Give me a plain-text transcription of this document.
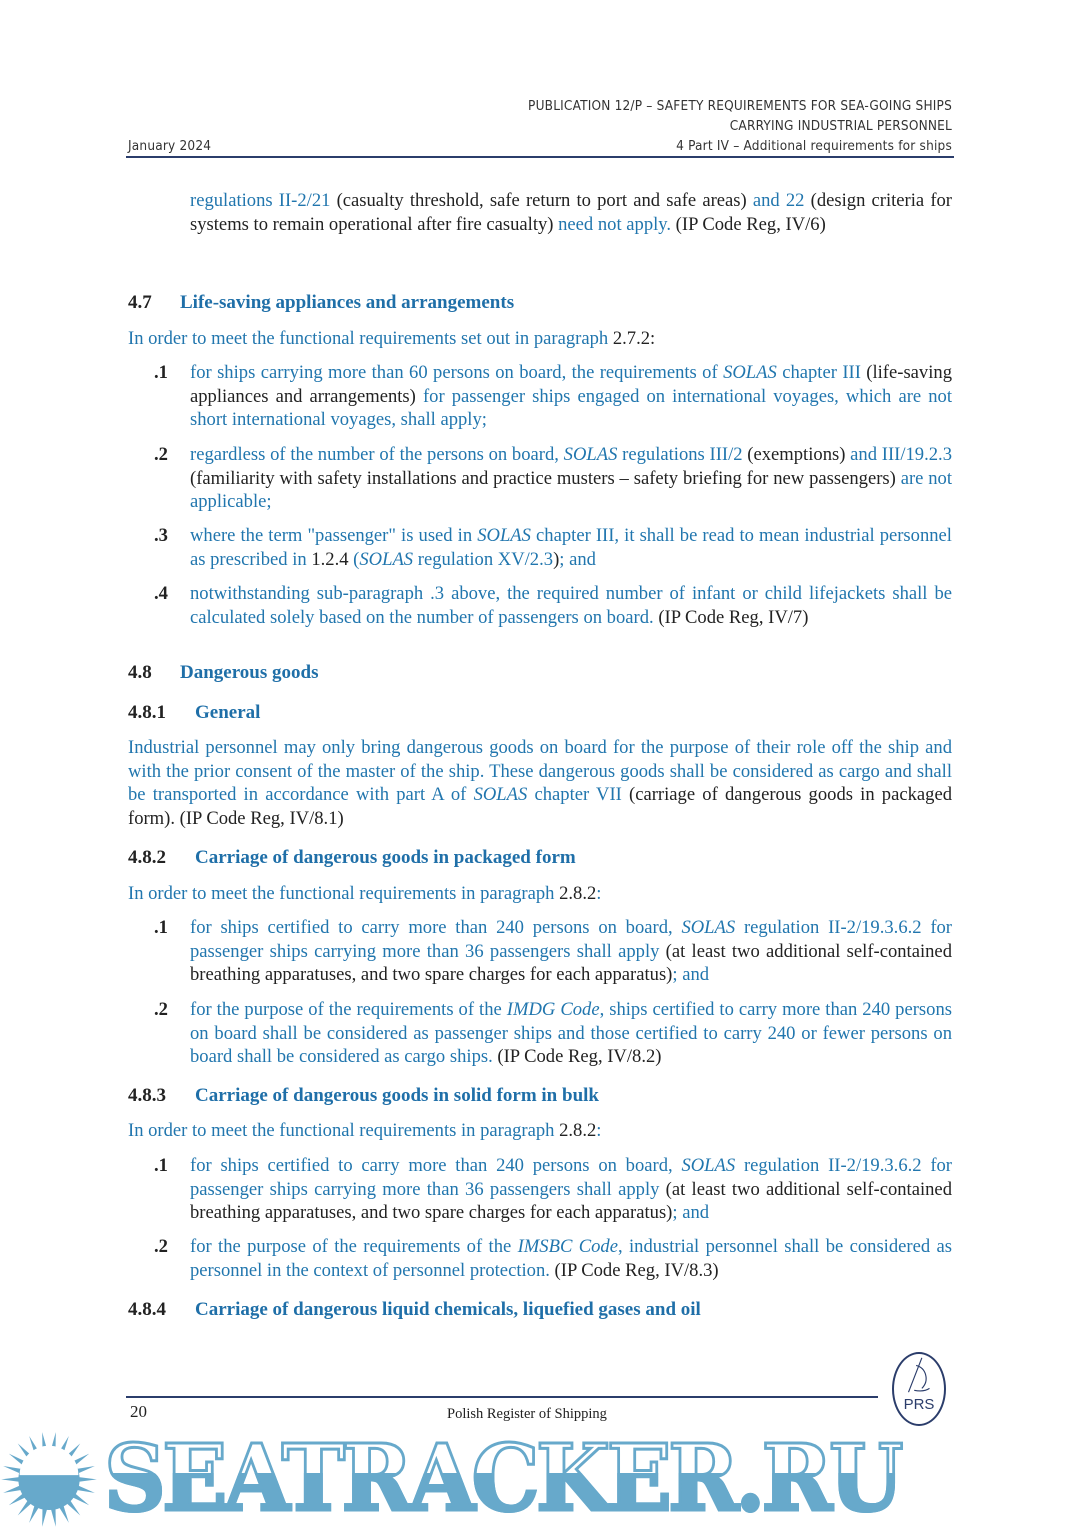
PUBLICATION 12/P – SAFETY REQUIREMENTS FOR SEA-GOING SHIPS
CARRYING INDUSTRIAL PERSONNEL
4 Part IV – Additional requirements for ships
January 2024
regulations II-2/21 (casualty threshold, safe return to port and safe areas) and 22 (design criteria for systems to remain operational after fire casualty) need not apply. (IP Code Reg, IV/6)
In order to meet the functional requirements set out in paragraph 2.7.2:
for ships carrying more than 60 persons on board, the requirements of SOLAS chapter III (life-saving appliances and arrangements) for passenger ships engaged on international voyages, which are not short international voyages, shall apply;
.1
regardless of the number of the persons on board, SOLAS regulations III/2 (exemptions) and III/19.2.3 (familiarity with safety installations and practice musters – safety briefing for new passengers) are not applicable;
.2
where the term "passenger" is used in SOLAS chapter III, it shall be read to mean industrial personnel as prescribed in 1.2.4 (SOLAS regulation XV/2.3); and
.3
notwithstanding sub-paragraph .3 above, the required number of infant or child lifejackets shall be calculated solely based on the number of passengers on board. (IP Code Reg, IV/7)
.4
Industrial personnel may only bring dangerous goods on board for the purpose of their role off the ship and with the prior consent of the master of the ship. These dangerous goods shall be considered as cargo and shall be transported in accordance with part A of SOLAS chapter VII (carriage of dangerous goods in packaged form). (IP Code Reg, IV/8.1)
In order to meet the functional requirements in paragraph 2.8.2:
for ships certified to carry more than 240 persons on board, SOLAS regulation II-2/19.3.6.2 for passenger ships carrying more than 36 passengers shall apply (at least two additional self-contained breathing apparatuses, and two spare charges for each apparatus); and
.1
for the purpose of the requirements of the IMDG Code, ships certified to carry more than 240 persons on board shall be considered as passenger ships and those certified to carry 240 or fewer persons on board shall be considered as cargo ships. (IP Code Reg, IV/8.2)
.2
In order to meet the functional requirements in paragraph 2.8.2:
for ships certified to carry more than 240 persons on board, SOLAS regulation II-2/19.3.6.2 for passenger ships carrying more than 36 passengers shall apply (at least two additional self-contained breathing apparatuses, and two spare charges for each apparatus); and
.1
for the purpose of the requirements of the IMSBC Code, industrial personnel shall be considered as personnel in the context of personnel protection. (IP Code Reg, IV/8.3)
.2
4.7 Life-saving appliances and arrangements
4.8 Dangerous goods
4.8.1 General
4.8.2 Carriage of dangerous goods in packaged form
4.8.3 Carriage of dangerous goods in solid form in bulk
4.8.4 Carriage of dangerous liquid chemicals, liquefied gases and oil
SEATRACKER.RU
20	Polish Register of Shipping
PRS
